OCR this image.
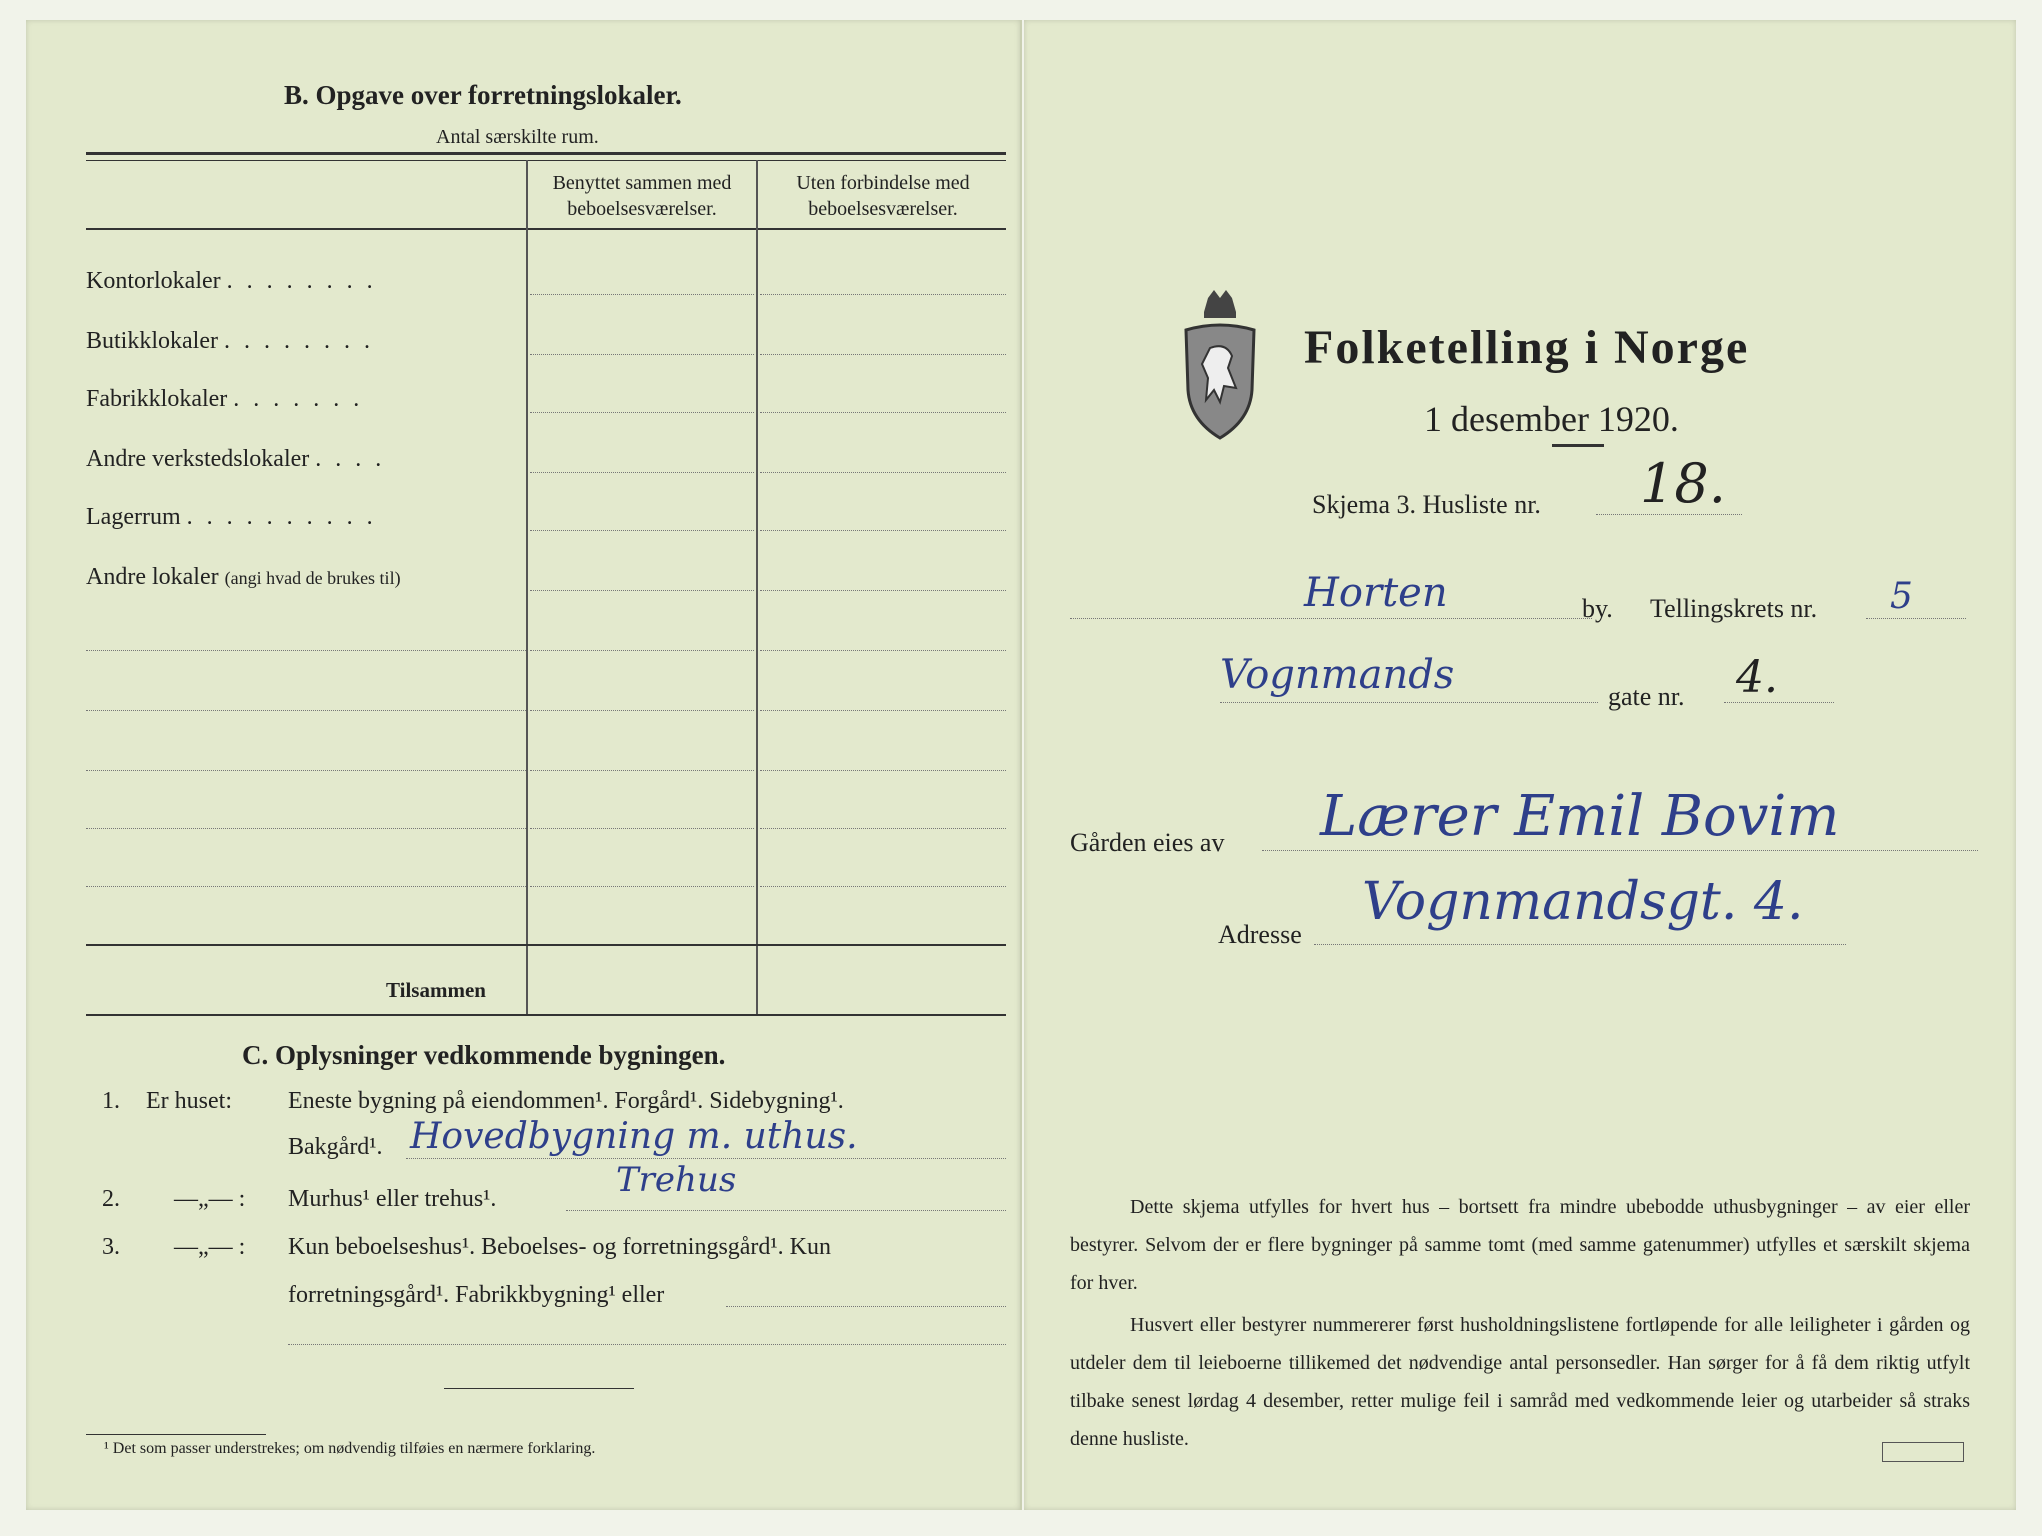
B. Opgave over forretningslokaler.
Antal særskilte rum.
Benyttet sammen med beboelsesværelser.
Uten forbindelse med beboelsesværelser.
Kontorlokaler ........
Butikklokaler ........
Fabrikklokaler .......
Andre verkstedslokaler ....
Lagerrum ..........
Andre lokaler (angi hvad de brukes til)
Tilsammen
C. Oplysninger vedkommende bygningen.
1. Er huset: Eneste bygning på eiendommen¹. Forgård¹. Sidebygning¹.
Bakgård¹. Hovedbygning m. uthus.
2. —„— : Murhus¹ eller trehus¹.	Trehus
3. —„— : Kun beboelseshus¹. Beboelses- og forretningsgård¹. Kun
forretningsgård¹. Fabrikkbygning¹ eller
¹ Det som passer understrekes; om nødvendig tilføies en nærmere forklaring.
Folketelling i Norge
1 desember 1920.
Skjema 3. Husliste nr. 18.
Horten	by. Tellingskrets nr. 5
Vognmands	gate nr. 4.
Gården eies av Lærer Emil Bovim
Adresse
Vognmandsgt. 4.
Dette skjema utfylles for hvert hus – bortsett fra mindre ubebodde uthusbygninger – av eier eller bestyrer. Selvom der er flere bygninger på samme tomt (med samme gatenummer) utfylles et særskilt skjema for hver.
Husvert eller bestyrer nummererer først husholdningslistene fortløpende for alle leiligheter i gården og utdeler dem til leieboerne tillikemed det nødvendige antal personsedler. Han sørger for å få dem riktig utfylt tilbake senest lørdag 4 desember, retter mulige feil i samråd med vedkommende leier og utarbeider så straks denne husliste.
